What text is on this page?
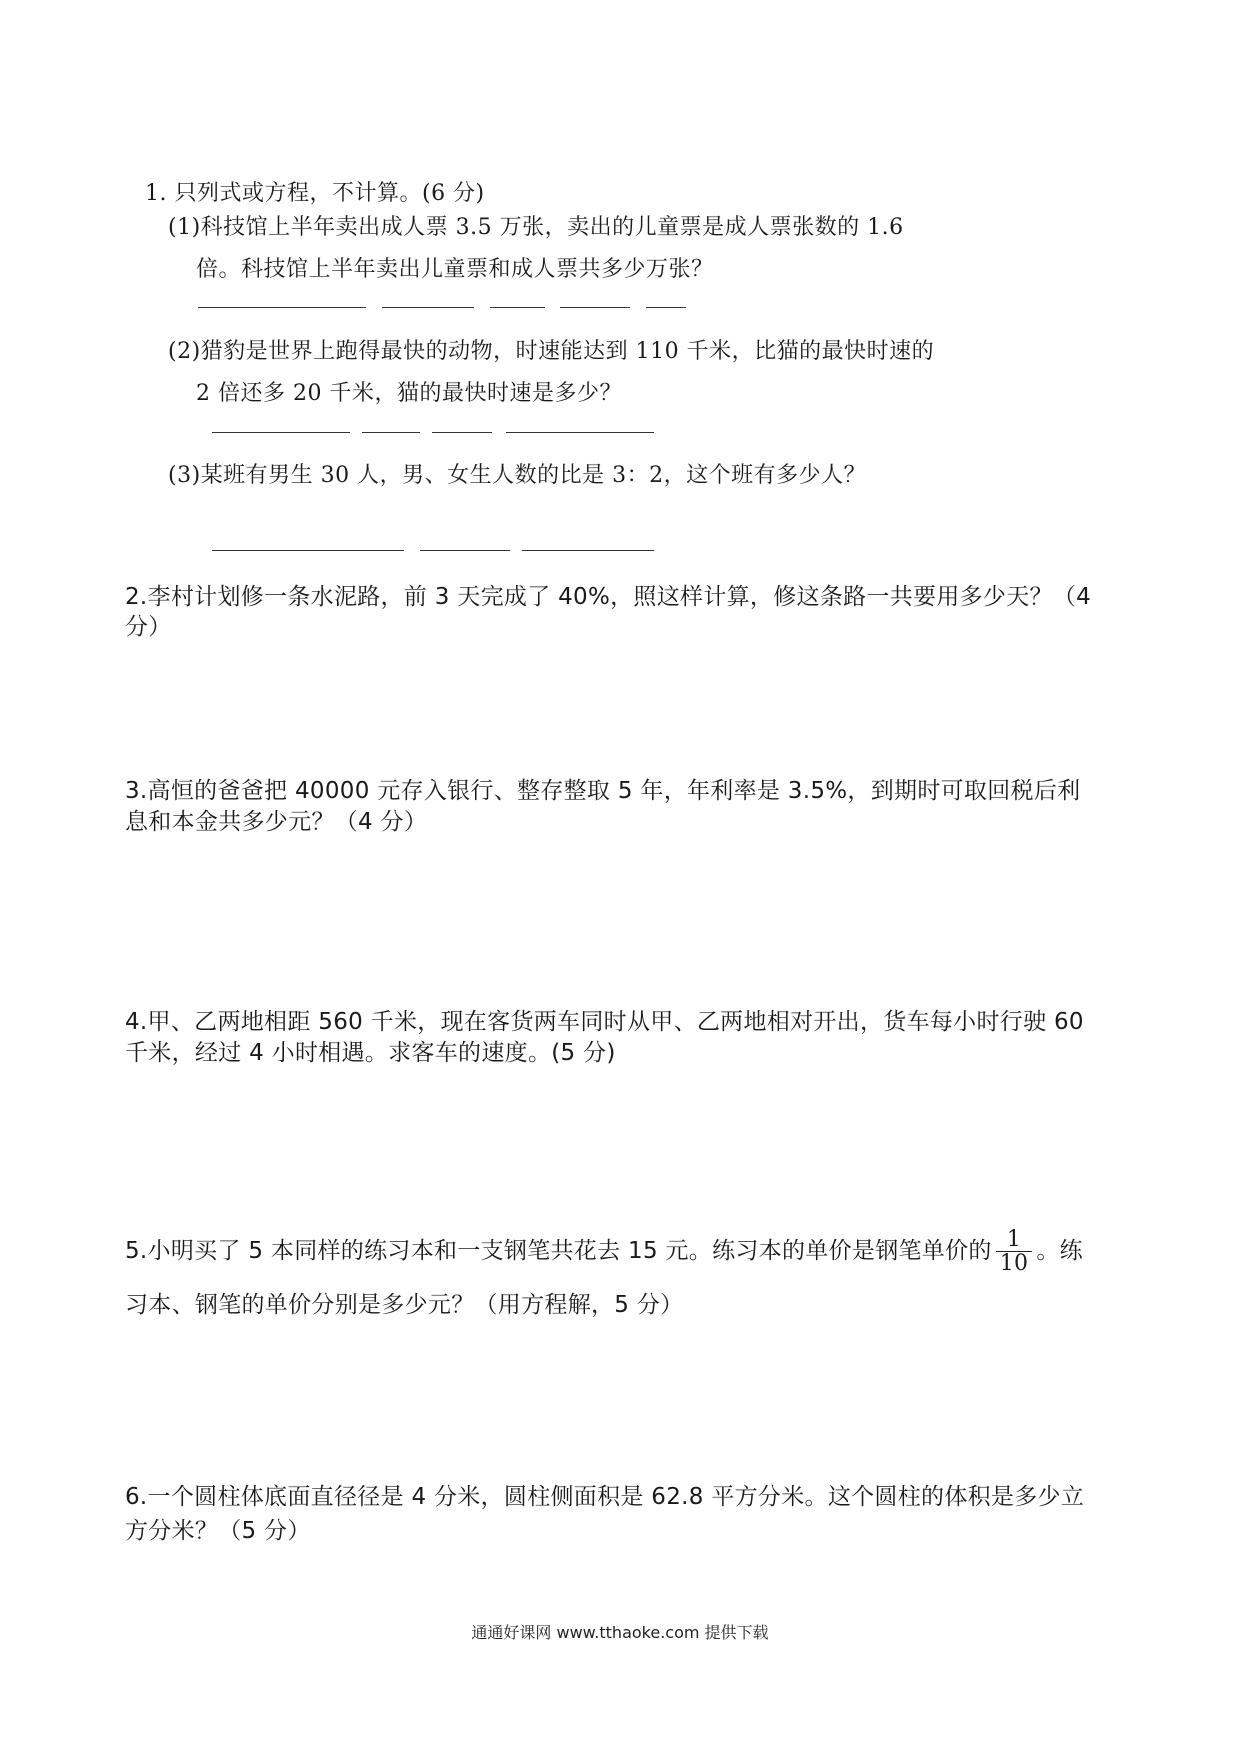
1. 只列式或方程，不计算。(6 分)
(1)科技馆上半年卖出成人票 3.5 万张，卖出的儿童票是成人票张数的 1.6
倍。科技馆上半年卖出儿童票和成人票共多少万张？
(2)猎豹是世界上跑得最快的动物，时速能达到 110 千米，比猫的最快时速的
2 倍还多 20 千米，猫的最快时速是多少？
(3)某班有男生 30 人，男、女生人数的比是 3：2，这个班有多少人？
2.李村计划修一条水泥路，前 3 天完成了 40%，照这样计算，修这条路一共要用多少天？（4
分）
3.高恒的爸爸把 40000 元存入银行、整存整取 5 年，年利率是 3.5%，到期时可取回税后利
息和本金共多少元？（4 分）
4.甲、乙两地相距 560 千米，现在客货两车同时从甲、乙两地相对开出，货车每小时行驶 60
千米，经过 4 小时相遇。求客车的速度。(5 分)
5.小明买了 5 本同样的练习本和一支钢笔共花去 15 元。练习本的单价是钢笔单价的 $\frac{1}{10}$ 。练
习本、钢笔的单价分别是多少元？（用方程解，5 分）
6.一个圆柱体底面直径径是 4 分米，圆柱侧面积是 62.8 平方分米。这个圆柱的体积是多少立
方分米？（5 分）
通通好课网 www.tthaoke.com 提供下载
